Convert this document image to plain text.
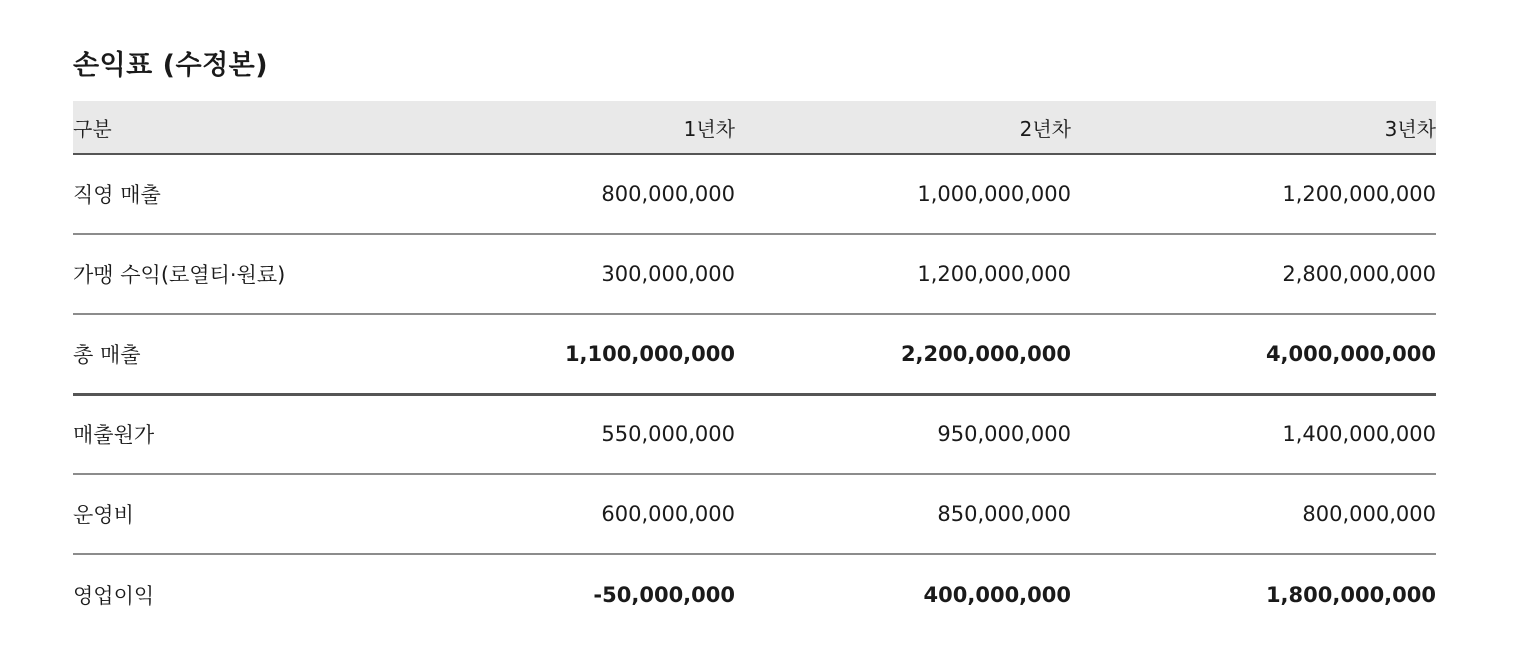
손익표 (수정본)
구분	1년차	2년차	3년차
직영 매출	800,000,000	1,000,000,000	1,200,000,000
가맹 수익(로열티·원료)	300,000,000	1,200,000,000	2,800,000,000
총 매출	1,100,000,000	2,200,000,000	4,000,000,000
매출원가	550,000,000	950,000,000	1,400,000,000
운영비	600,000,000	850,000,000	800,000,000
영업이익	-50,000,000	400,000,000	1,800,000,000
